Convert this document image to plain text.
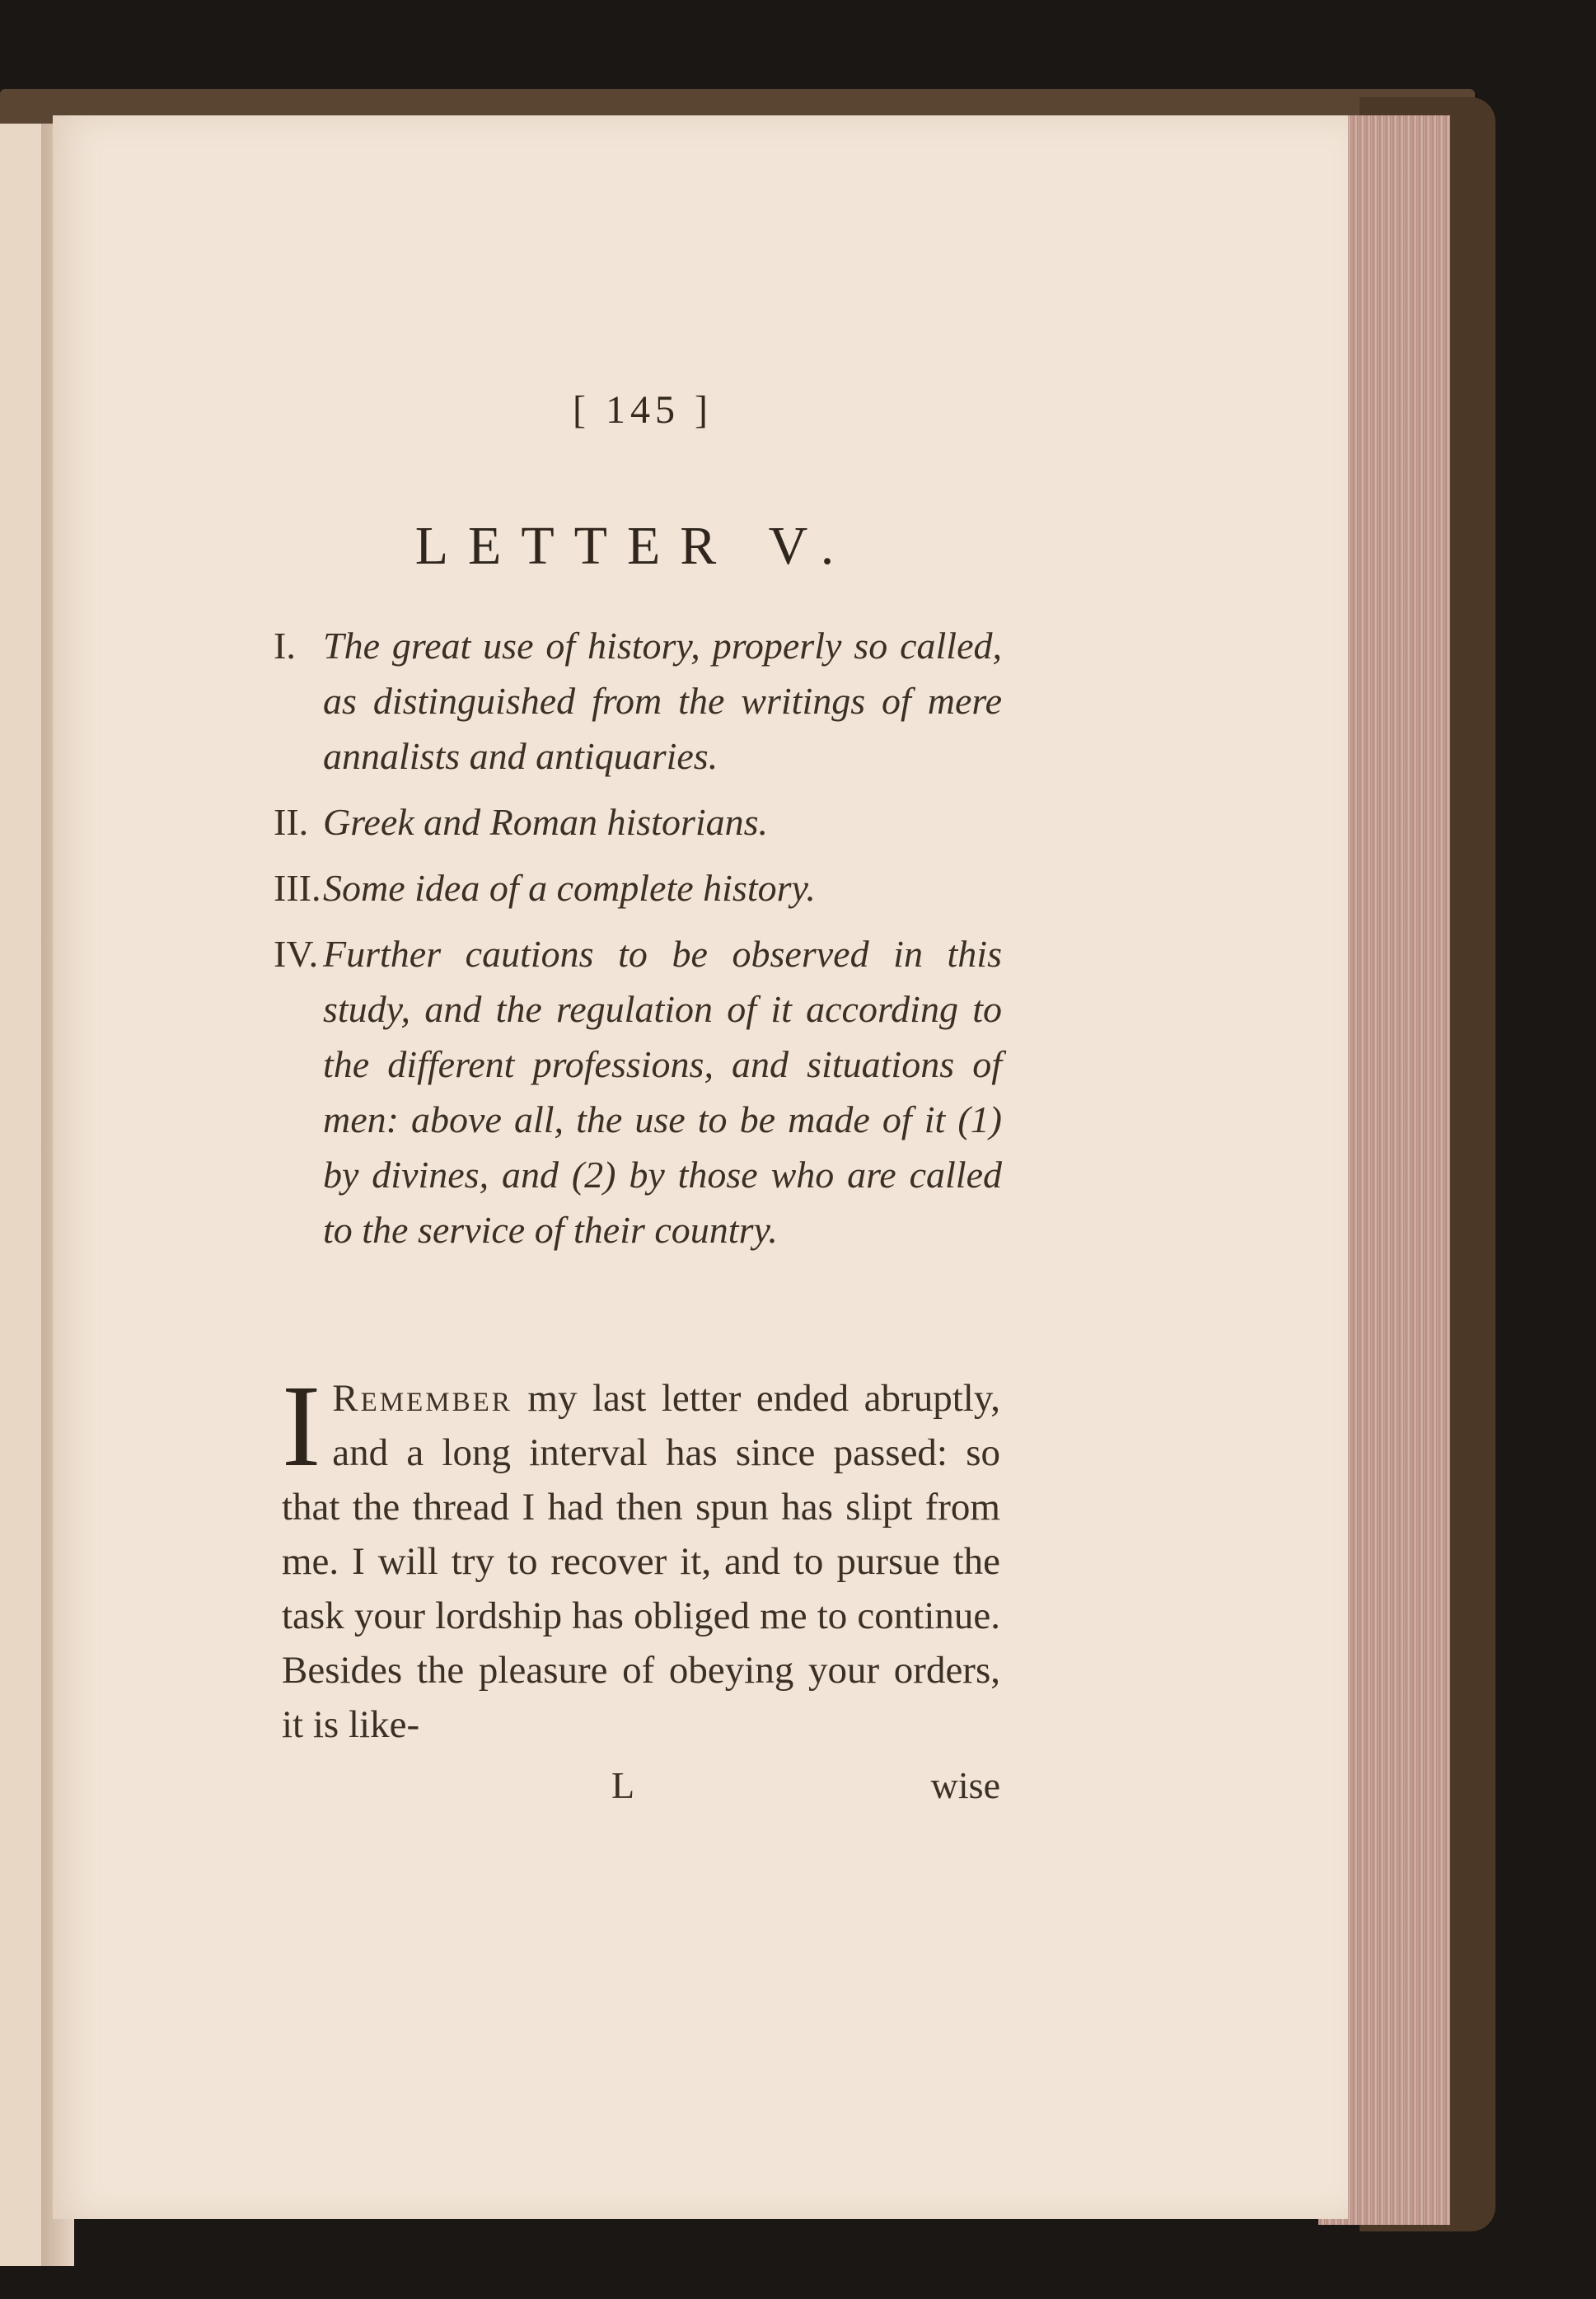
[ 145 ]
LETTER V.
I. The great use of history, properly so called, as distinguished from the writings of mere annalists and antiquaries.
II. Greek and Roman historians.
III. Some idea of a complete history.
IV. Further cautions to be observed in this study, and the regulation of it according to the different professions, and situations of men: above all, the use to be made of it (1) by divines, and (2) by those who are called to the service of their country.
I Remember my last letter ended abruptly, and a long interval has since passed: so that the thread I had then spun has slipt from me. I will try to recover it, and to pursue the task your lordship has obliged me to continue. Besides the pleasure of obeying your orders, it is like-
L	wise
